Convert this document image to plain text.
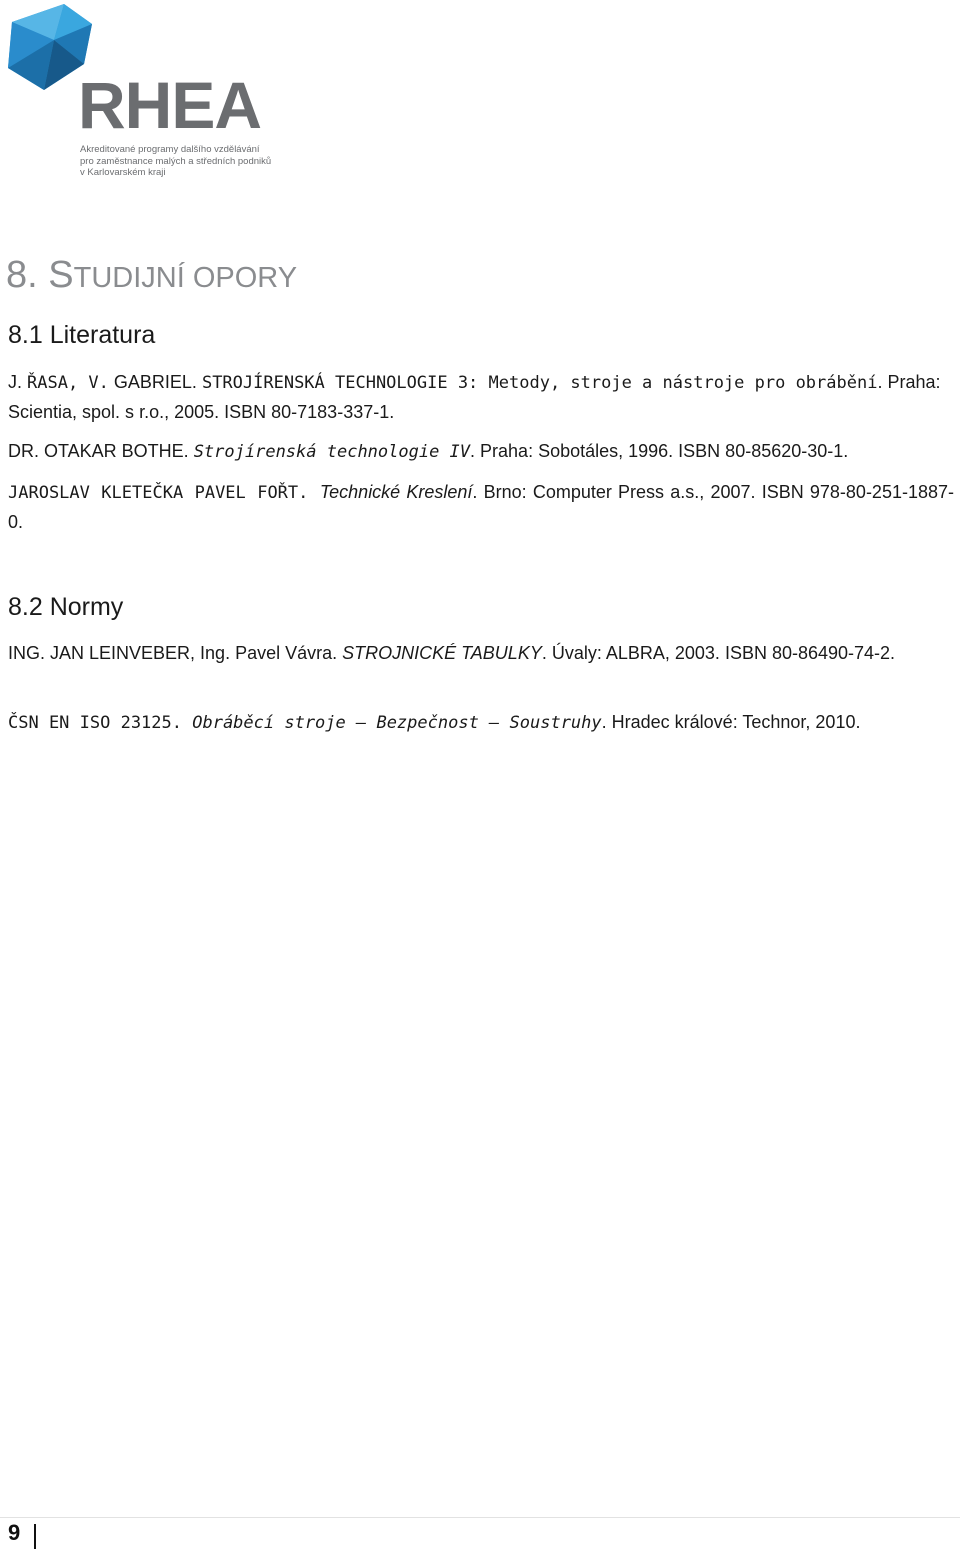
RHEA
Akreditované programy dalšího vzdělávání
pro zaměstnance malých a středních podniků
v Karlovarském kraji
8. STUDIJNÍ OPORY
8.1 Literatura
J. ŘASA, V. GABRIEL. STROJÍRENSKÁ TECHNOLOGIE 3: Metody, stroje a nástroje pro obrábění. Praha: Scientia, spol. s r.o., 2005. ISBN 80-7183-337-1.
DR. OTAKAR BOTHE. Strojírenská technologie IV. Praha: Sobotáles, 1996. ISBN 80-85620-30-1.
JAROSLAV KLETEČKA PAVEL FOŘT. Technické Kreslení. Brno: Computer Press a.s., 2007. ISBN 978-80-251-1887-0.
8.2 Normy
ING. JAN LEINVEBER, Ing. Pavel Vávra. STROJNICKÉ TABULKY. Úvaly: ALBRA, 2003. ISBN 80-86490-74-2.
ČSN EN ISO 23125. Obráběcí stroje – Bezpečnost – Soustruhy. Hradec králové: Technor, 2010.
9
